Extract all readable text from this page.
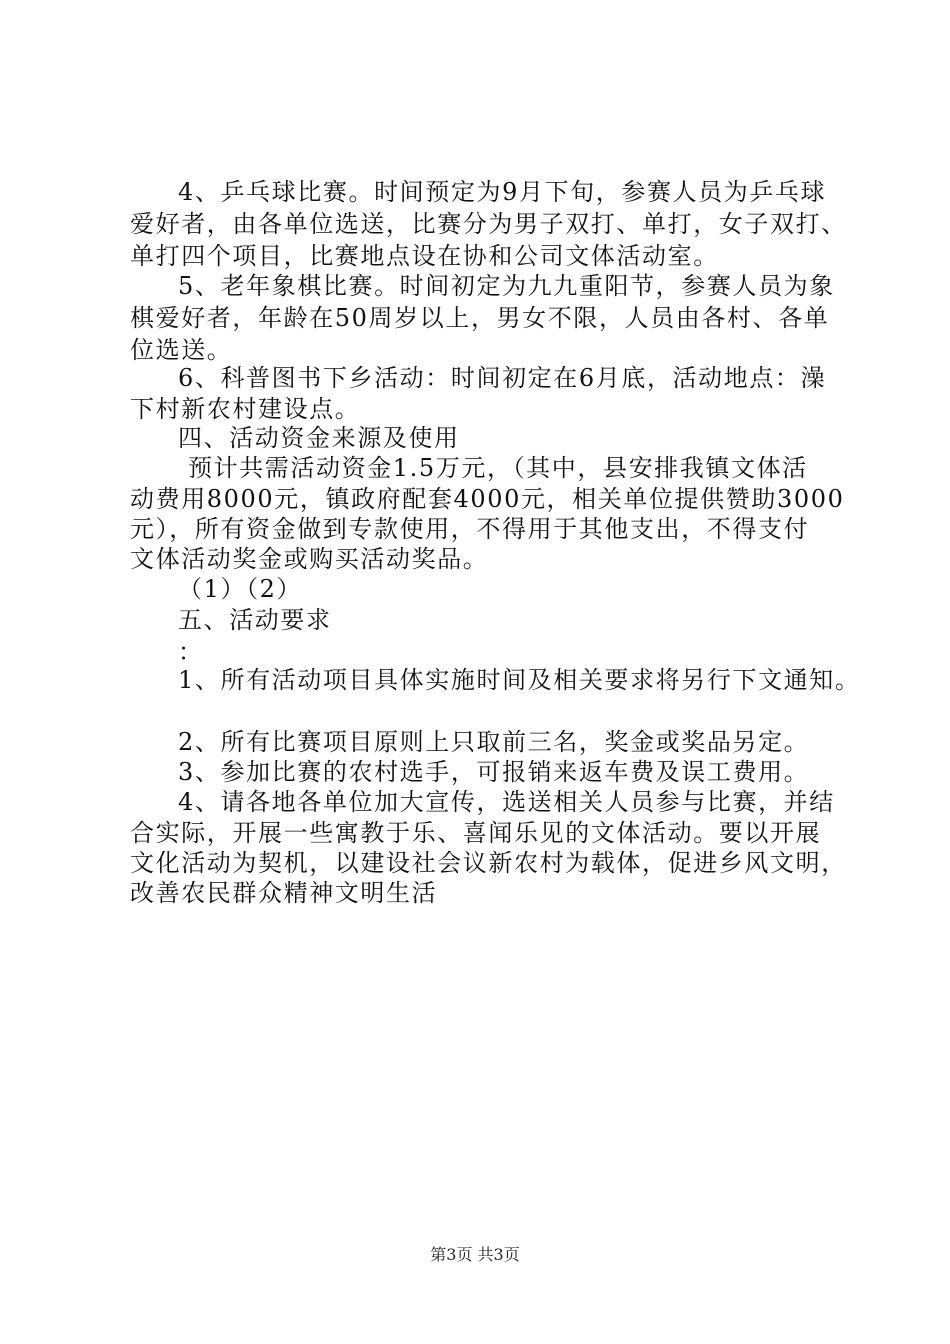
4、乒乓球比赛。时间预定为9月下旬，参赛人员为乒乓球
爱好者，由各单位选送，比赛分为男子双打、单打，女子双打、
单打四个项目，比赛地点设在协和公司文体活动室。
5、老年象棋比赛。时间初定为九九重阳节，参赛人员为象
棋爱好者，年龄在50周岁以上，男女不限，人员由各村、各单
位选送。
6、科普图书下乡活动：时间初定在6月底，活动地点：澡
下村新农村建设点。
四、活动资金来源及使用
预计共需活动资金1.5万元，（其中，县安排我镇文体活
动费用8000元，镇政府配套4000元，相关单位提供赞助3000
元），所有资金做到专款使用，不得用于其他支出，不得支付
文体活动奖金或购买活动奖品。
（1）（2）
五、活动要求
：
1、所有活动项目具体实施时间及相关要求将另行下文通知。
2、所有比赛项目原则上只取前三名，奖金或奖品另定。
3、参加比赛的农村选手，可报销来返车费及误工费用。
4、请各地各单位加大宣传，选送相关人员参与比赛，并结
合实际，开展一些寓教于乐、喜闻乐见的文体活动。要以开展
文化活动为契机，以建设社会议新农村为载体，促进乡风文明，
改善农民群众精神文明生活
第3页 共3页
